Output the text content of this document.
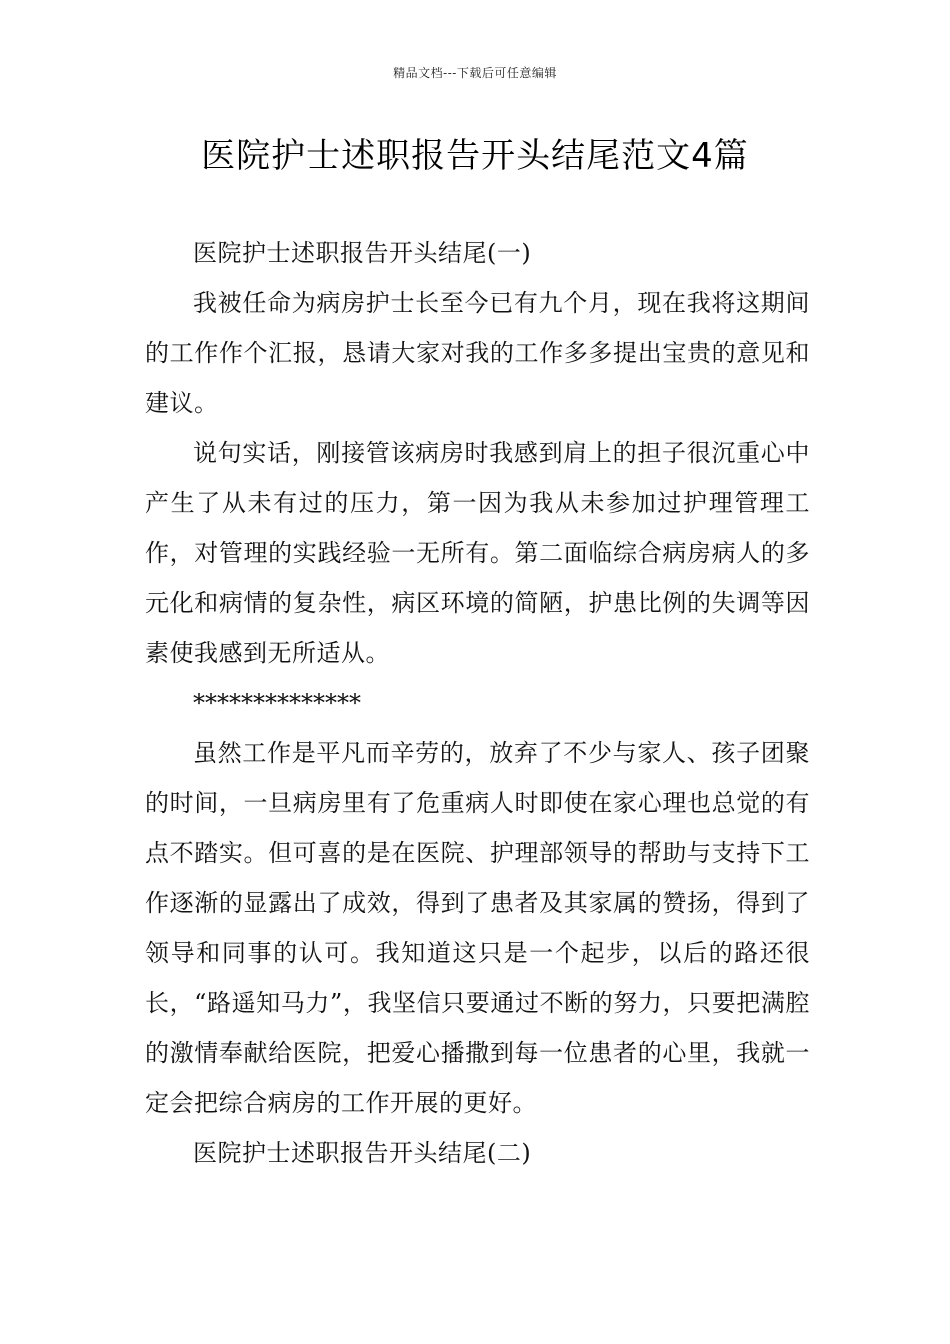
精品文档---下载后可任意编辑
医院护士述职报告开头结尾范文4篇

医院护士述职报告开头结尾(一)

我被任命为病房护士长至今已有九个月，现在我将这期间的工作作个汇报，恳请大家对我的工作多多提出宝贵的意见和建议。

说句实话，刚接管该病房时我感到肩上的担子很沉重心中产生了从未有过的压力，第一因为我从未参加过护理管理工作，对管理的实践经验一无所有。第二面临综合病房病人的多元化和病情的复杂性，病区环境的简陋，护患比例的失调等因素使我感到无所适从。

**************

虽然工作是平凡而辛劳的，放弃了不少与家人、孩子团聚的时间，一旦病房里有了危重病人时即使在家心理也总觉的有点不踏实。但可喜的是在医院、护理部领导的帮助与支持下工作逐渐的显露出了成效，得到了患者及其家属的赞扬，得到了领导和同事的认可。我知道这只是一个起步，以后的路还很长，“路遥知马力”，我坚信只要通过不断的努力，只要把满腔的激情奉献给医院，把爱心播撒到每一位患者的心里，我就一定会把综合病房的工作开展的更好。

医院护士述职报告开头结尾(二)
